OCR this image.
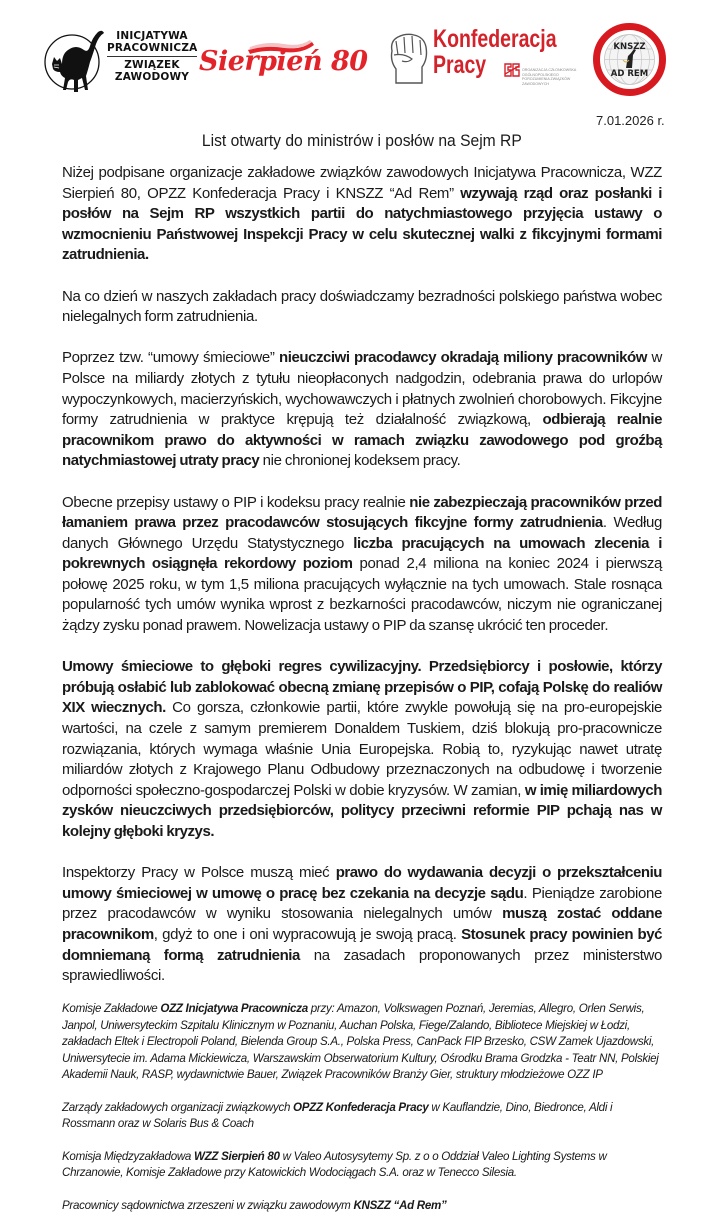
INICJATYWA
PRACOWNICZA
ZWIĄZEK
ZAWODOWY Sierpień 80
Konfederacja
Pracy	ORGANIZACJA CZŁONKOWSKA OGÓLNOPOLSKIEGO POROZUMIENIA ZWIĄZKÓW ZAWODOWYCH
KNSZZ
AD REM
7.01.2026 r.
List otwarty do ministrów i posłów na Sejm RP

Niżej podpisane organizacje zakładowe związków zawodowych Inicjatywa Pracownicza, WZZ Sierpień 80, OPZZ Konfederacja Pracy i KNSZZ “Ad Rem” wzywają rząd oraz posłanki i posłów na Sejm RP wszystkich partii do natychmiastowego przyjęcia ustawy o wzmocnieniu Państwowej Inspekcji Pracy w celu skutecznej walki z fikcyjnymi formami zatrudnienia.

Na co dzień w naszych zakładach pracy doświadczamy bezradności polskiego państwa wobec nielegalnych form zatrudnienia.

Poprzez tzw. “umowy śmieciowe” nieuczciwi pracodawcy okradają miliony pracowników w Polsce na miliardy złotych z tytułu nieopłaconych nadgodzin, odebrania prawa do urlopów wypoczynkowych, macierzyńskich, wychowawczych i płatnych zwolnień chorobowych. Fikcyjne formy zatrudnienia w praktyce krępują też działalność związkową, odbierają realnie pracownikom prawo do aktywności w ramach związku zawodowego pod groźbą natychmiastowej utraty pracy nie chronionej kodeksem pracy.

Obecne przepisy ustawy o PIP i kodeksu pracy realnie nie zabezpieczają pracowników przed łamaniem prawa przez pracodawców stosujących fikcyjne formy zatrudnienia. Według danych Głównego Urzędu Statystycznego liczba pracujących na umowach zlecenia i pokrewnych osiągnęła rekordowy poziom ponad 2,4 miliona na koniec 2024 i pierwszą połowę 2025 roku, w tym 1,5 miliona pracujących wyłącznie na tych umowach. Stale rosnąca popularność tych umów wynika wprost z bezkarności pracodawców, niczym nie ograniczanej żądzy zysku ponad prawem. Nowelizacja ustawy o PIP da szansę ukrócić ten proceder.

Umowy śmieciowe to głęboki regres cywilizacyjny. Przedsiębiorcy i posłowie, którzy próbują osłabić lub zablokować obecną zmianę przepisów o PIP, cofają Polskę do realiów XIX wiecznych. Co gorsza, członkowie partii, które zwykle powołują się na pro-europejskie wartości, na czele z samym premierem Donaldem Tuskiem, dziś blokują pro-pracownicze rozwiązania, których wymaga właśnie Unia Europejska. Robią to, ryzykując nawet utratę miliardów złotych z Krajowego Planu Odbudowy przeznaczonych na odbudowę i tworzenie odporności społeczno-gospodarczej Polski w dobie kryzysów. W zamian, w imię miliardowych zysków nieuczciwych przedsiębiorców, politycy przeciwni reformie PIP pchają nas w kolejny głęboki kryzys.

Inspektorzy Pracy w Polsce muszą mieć prawo do wydawania decyzji o przekształceniu umowy śmieciowej w umowę o pracę bez czekania na decyzje sądu. Pieniądze zarobione przez pracodawców w wyniku stosowania nielegalnych umów muszą zostać oddane pracownikom, gdyż to one i oni wypracowują je swoją pracą. Stosunek pracy powinien być domniemaną formą zatrudnienia na zasadach proponowanych przez ministerstwo sprawiedliwości.

Komisje Zakładowe OZZ Inicjatywa Pracownicza przy: Amazon, Volkswagen Poznań, Jeremias, Allegro, Orlen Serwis, Janpol, Uniwersyteckim Szpitalu Klinicznym w Poznaniu, Auchan Polska, Fiege/Zalando, Bibliotece Miejskiej w Łodzi, zakładach Eltek i Electropoli Poland, Bielenda Group S.A., Polska Press, CanPack FIP Brzesko, CSW Zamek Ujazdowski, Uniwersytecie im. Adama Mickiewicza, Warszawskim Obserwatorium Kultury, Ośrodku Brama Grodzka - Teatr NN, Polskiej Akademii Nauk, RASP, wydawnictwie Bauer, Związek Pracowników Branży Gier, struktury młodzieżowe OZZ IP

Zarządy zakładowych organizacji związkowych OPZZ Konfederacja Pracy w Kauflandzie, Dino, Biedronce, Aldi i Rossmann oraz w Solaris Bus & Coach

Komisja Międzyzakładowa WZZ Sierpień 80 w Valeo Autosysytemy Sp. z o o Oddział Valeo Lighting Systems w Chrzanowie, Komisje Zakładowe przy Katowickich Wodociągach S.A. oraz w Tenecco Silesia.

Pracownicy sądownictwa zrzeszeni w związku zawodowym KNSZZ “Ad Rem”
